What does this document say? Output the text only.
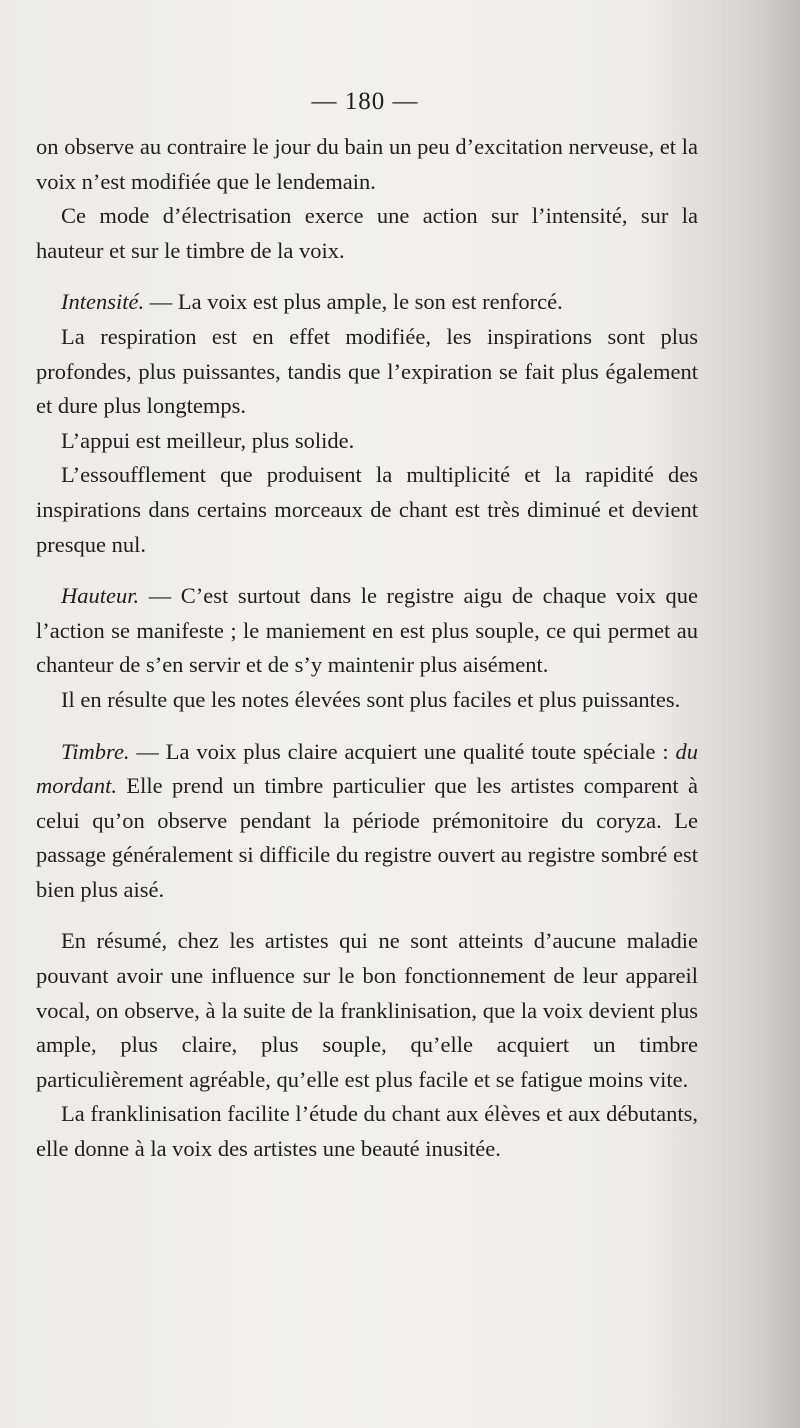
— 180 —

on observe au contraire le jour du bain un peu d’excitation nerveuse, et la voix n’est modifiée que le lendemain.

Ce mode d’électrisation exerce une action sur l’intensité, sur la hauteur et sur le timbre de la voix.

Intensité. — La voix est plus ample, le son est renforcé.

La respiration est en effet modifiée, les inspirations sont plus profondes, plus puissantes, tandis que l’expiration se fait plus également et dure plus longtemps.

L’appui est meilleur, plus solide.

L’essoufflement que produisent la multiplicité et la rapidité des inspirations dans certains morceaux de chant est très diminué et devient presque nul.

Hauteur. — C’est surtout dans le registre aigu de chaque voix que l’action se manifeste ; le maniement en est plus souple, ce qui permet au chanteur de s’en servir et de s’y maintenir plus aisément.

Il en résulte que les notes élevées sont plus faciles et plus puissantes.

Timbre. — La voix plus claire acquiert une qualité toute spéciale : du mordant. Elle prend un timbre particulier que les artistes comparent à celui qu’on observe pendant la période prémonitoire du coryza. Le passage généralement si difficile du registre ouvert au registre sombré est bien plus aisé.

En résumé, chez les artistes qui ne sont atteints d’aucune maladie pouvant avoir une influence sur le bon fonctionnement de leur appareil vocal, on observe, à la suite de la franklinisation, que la voix devient plus ample, plus claire, plus souple, qu’elle acquiert un timbre particulièrement agréable, qu’elle est plus facile et se fatigue moins vite.

La franklinisation facilite l’étude du chant aux élèves et aux débutants, elle donne à la voix des artistes une beauté inusitée.
